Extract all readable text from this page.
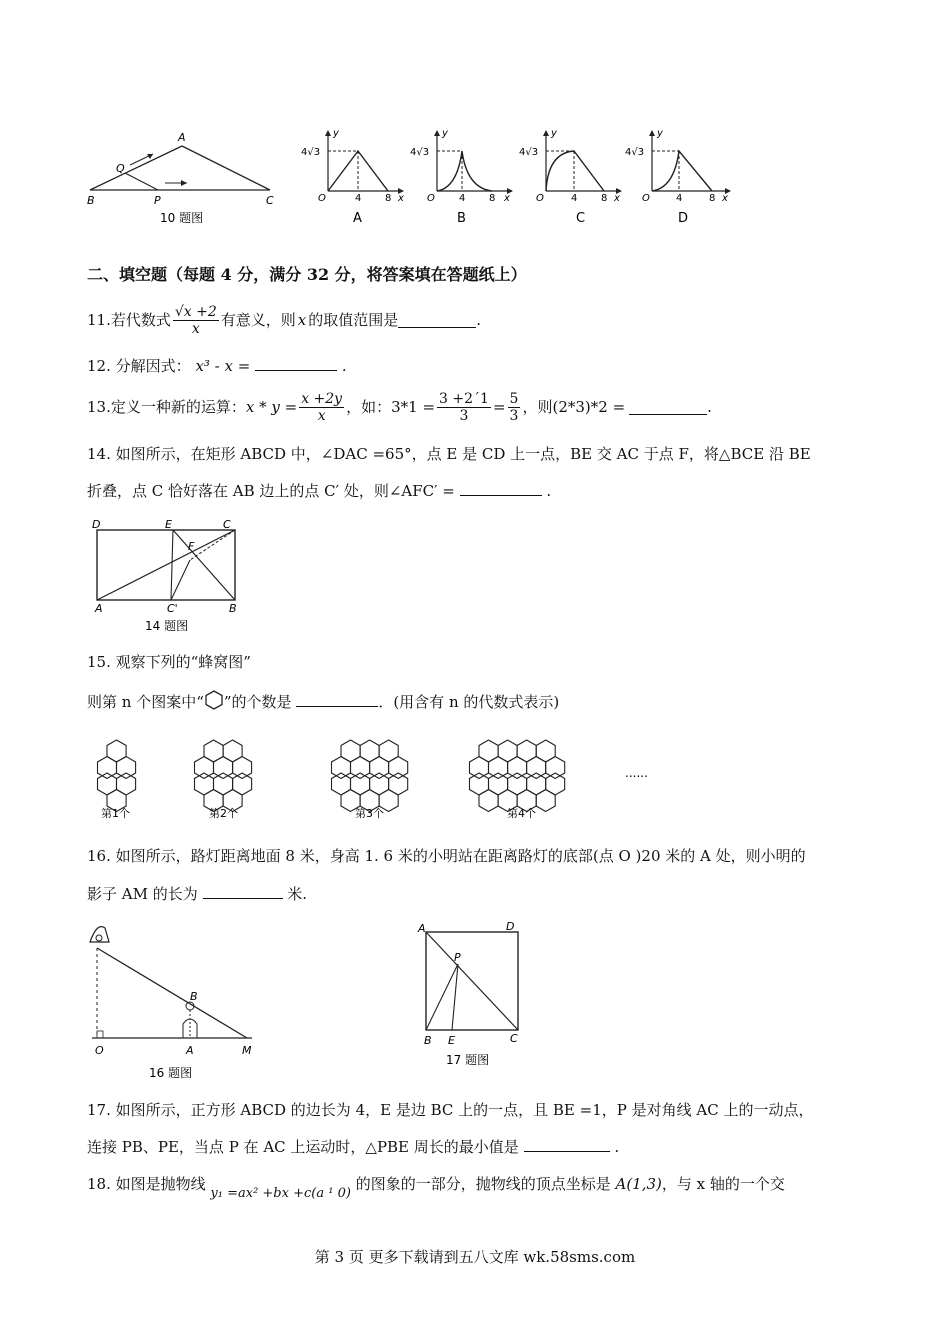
A
Q
B	P	C
10 题图
y
4√3
O	4 8 x
A
y
4√3
O 4 8 x
B
y
4√3
O	4 8 x
C
y
4√3
O	4	8 x
D
二、填空题（每题 4 分，满分 32 分，将答案填在答题纸上）
11. 若代数式 $\frac{√x +2}{x}$ 有意义，则 x 的取值范围是	.
12. 分解因式： x³ - x =	.
13. 定义一种新的运算： $x * y = \frac{x +2y}{x}$ ，如： $3*1 = \frac{3 +2´1}{3} = \frac{5}{3}$ ，则 (2*3)*2 =	.
14. 如图所示，在矩形 ABCD 中，∠DAC =65°，点 E 是 CD 上一点，BE 交 AC 于点 F，将△BCE 沿 BE
折叠，点 C 恰好落在 AB 边上的点 C′ 处，则∠AFC′ =	.
D	E	C
F
A	C'	B
14 题图
15. 观察下列的“蜂窝图”
则第 n 个图案中“ ”的个数是	．(用含有 n 的代数式表示)
第1个	第2个	第3个	第4个
......
16. 如图所示，路灯距离地面 8 米，身高 1. 6 米的小明站在距离路灯的底部(点 O )20 米的 A 处，则小明的
影子 AM 的长为	米.
B
O	A	M
16 题图
A	D
P
B E	C
17 题图
17. 如图所示，正方形 ABCD 的边长为 4，E 是边 BC 上的一点，且 BE =1，P 是对角线 AC 上的一动点，
连接 PB、PE，当点 P 在 AC 上运动时，△PBE 周长的最小值是	.
18. 如图是抛物线 y₁ =ax² +bx +c(a ¹ 0) 的图象的一部分，抛物线的顶点坐标是 A(1,3)，与 x 轴的一个交
第 3 页 更多下载请到五八文库 wk.58sms.com
